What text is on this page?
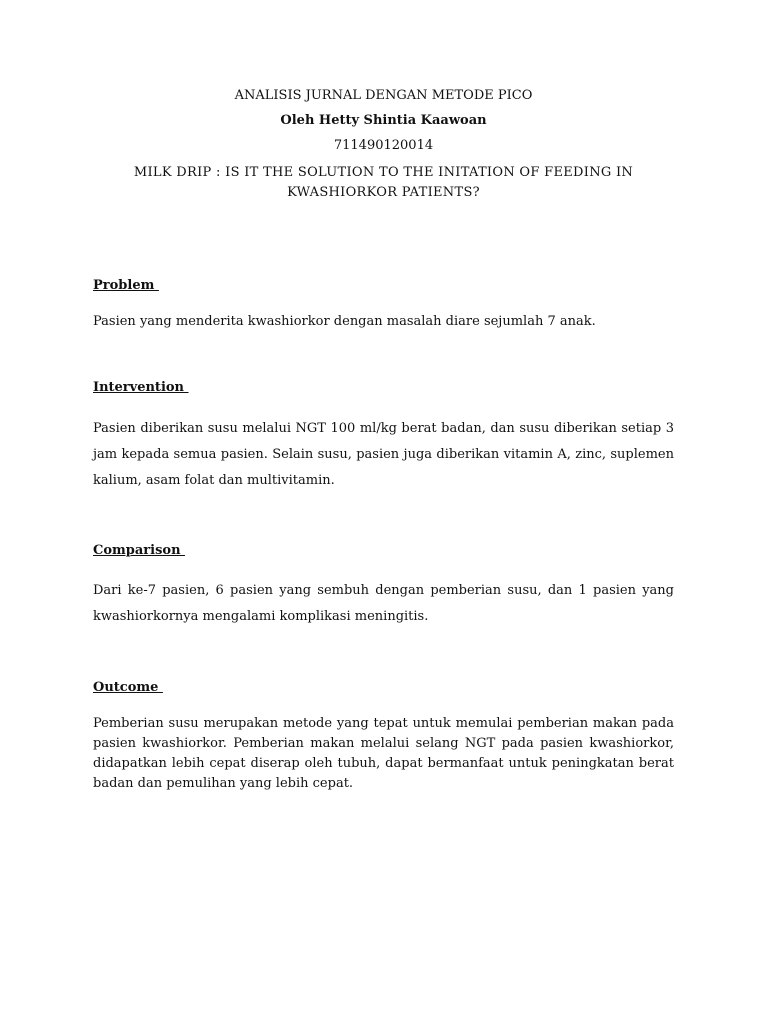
ANALISIS JURNAL DENGAN METODE PICO
Oleh Hetty Shintia Kaawoan
711490120014
MILK DRIP : IS IT THE SOLUTION TO THE INITATION OF FEEDING IN KWASHIORKOR PATIENTS?
Problem
Pasien yang menderita kwashiorkor dengan masalah diare sejumlah 7 anak.
Intervention
Pasien diberikan susu melalui NGT 100 ml/kg berat badan, dan susu diberikan setiap 3 jam kepada semua pasien. Selain susu, pasien juga diberikan vitamin A, zinc, suplemen kalium, asam folat dan multivitamin.
Comparison
Dari ke-7 pasien, 6 pasien yang sembuh dengan pemberian susu, dan 1 pasien yang kwashiorkornya mengalami komplikasi meningitis.
Outcome
Pemberian susu merupakan metode yang tepat untuk memulai pemberian makan pada pasien kwashiorkor. Pemberian makan melalui selang NGT pada pasien kwashiorkor, didapatkan lebih cepat diserap oleh tubuh, dapat bermanfaat untuk peningkatan berat badan dan pemulihan yang lebih cepat.
